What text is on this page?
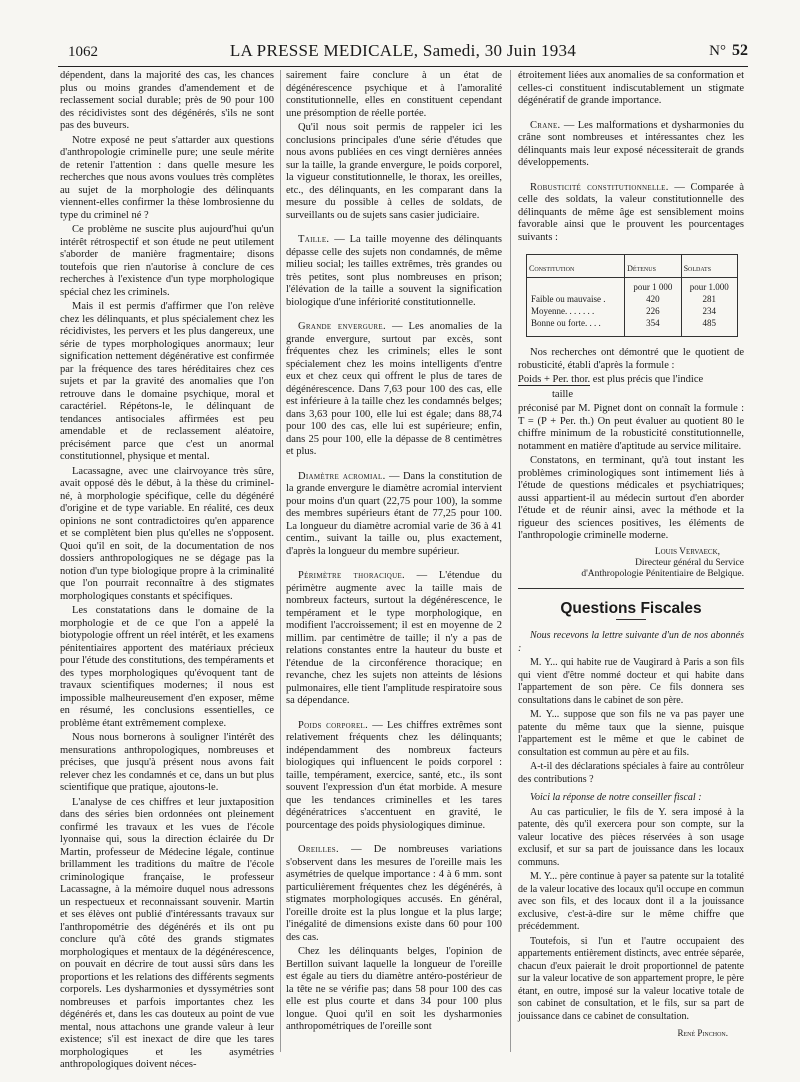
1062	LA PRESSE MEDICALE, Samedi, 30 Juin 1934	N° 52

dépendent, dans la majorité des cas, les chances plus ou moins grandes d'amendement et de reclassement social durable; près de 90 pour 100 des récidivistes sont des dégénérés, s'ils ne sont pas des buveurs.

Notre exposé ne peut s'attarder aux questions d'anthropologie criminelle pure; une seule mérite de retenir l'attention : dans quelle mesure les recherches que nous avons voulues très complètes au sujet de la morphologie des délinquants viennent-elles confirmer la thèse lombrosienne du type du criminel né ?

Ce problème ne suscite plus aujourd'hui qu'un intérêt rétrospectif et son étude ne peut utilement s'aborder de manière fragmentaire; disons toutefois que rien n'autorise à conclure de ces recherches à l'existence d'un type morphologique spécial chez les criminels.

Mais il est permis d'affirmer que l'on relève chez les délinquants, et plus spécialement chez les récidivistes, les pervers et les plus dangereux, une série de types morphologiques anormaux; leur signification nettement dégénérative est confirmée par la fréquence des tares héréditaires chez ces sujets et par la gravité des anomalies que l'on retrouve dans le domaine psychique, moral et caractériel. Répétons-le, le délinquant de tendances antisociales affirmées est peu amendable et de reclassement aléatoire, précisément parce que c'est un anormal constitutionnel, physique et mental.

Lacassagne, avec une clairvoyance très sûre, avait opposé dès le début, à la thèse du criminel-né, à morphologie spécifique, celle du dégénéré d'origine et de type variable. En réalité, ces deux opinions ne sont contradictoires qu'en apparence et se complètent bien plus qu'elles ne s'opposent. Quoi qu'il en soit, de la documentation de nos dossiers anthropologiques ne se dégage pas la notion d'un type biologique propre à la criminalité que l'on pourrait reconnaître à des stigmates morphologiques constants et spécifiques.

Les constatations dans le domaine de la morphologie et de ce que l'on a appelé la biotypologie offrent un réel intérêt, et les examens pénitentiaires apportent des matériaux précieux pour l'étude des constitutions, des tempéraments et des types morphologiques qu'évoquent tant de travaux scientifiques modernes; il nous est impossible malheureusement d'en exposer, même en résumé, les conclusions essentielles, ce problème étant extrêmement complexe.

Nous nous bornerons à souligner l'intérêt des mensurations anthropologiques, nombreuses et précises, que jusqu'à présent nous avons fait relever chez les condamnés et ce, dans un but plus scientifique que pratique, ajoutons-le.

L'analyse de ces chiffres et leur juxtaposition dans des séries bien ordonnées ont pleinement confirmé les travaux et les vues de l'école lyonnaise qui, sous la direction éclairée du Dr Martin, professeur de Médecine légale, continue brillamment les traditions du maître de l'école criminologique française, le professeur Lacassagne, à la mémoire duquel nous adressons un respectueux et reconnaissant souvenir. Martin et ses élèves ont publié d'intéressants travaux sur l'anthropométrie des dégénérés et ils ont pu conclure qu'à côté des grands stigmates morphologiques et mentaux de la dégénérescence, on pouvait en décrire de tout aussi sûrs dans les proportions et les relations des différents segments corporels. Les dysharmonies et dyssymétries sont nombreuses et parfois importantes chez les dégénérés et, dans les cas douteux au point de vue mental, nous attachons une grande valeur à leur existence; s'il est inexact de dire que les tares morphologiques et les asymétries anthropologiques doivent néces-

sairement faire conclure à un état de dégénérescence psychique et à l'amoralité constitutionnelle, elles en constituent cependant une présomption de réelle portée.

Qu'il nous soit permis de rappeler ici les conclusions principales d'une série d'études que nous avons publiées en ces vingt dernières années sur la taille, la grande envergure, le poids corporel, la vigueur constitutionnelle, le thorax, les oreilles, etc., des délinquants, en les comparant dans la mesure du possible à celles de soldats, de surveillants ou de sujets sans casier judiciaire.

Taille. — La taille moyenne des délinquants dépasse celle des sujets non condamnés, de même milieu social; les tailles extrêmes, très grandes ou très petites, sont plus nombreuses en prison; l'élévation de la taille a souvent la signification biologique d'une infériorité constitutionnelle.

Grande envergure. — Les anomalies de la grande envergure, surtout par excès, sont fréquentes chez les criminels; elles le sont spécialement chez les moins intelligents d'entre eux et chez ceux qui offrent le plus de tares de dégénérescence. Dans 7,63 pour 100 des cas, elle est inférieure à la taille chez les condamnés belges; dans 3,63 pour 100, elle lui est égale; dans 88,74 pour 100 des cas, elle lui est supérieure; enfin, dans 25 pour 100, elle la dépasse de 8 centimètres et plus.

Diamètre acromial. — Dans la constitution de la grande envergure le diamètre acromial intervient pour moins d'un quart (22,75 pour 100), la somme des membres supérieurs étant de 77,25 pour 100. La longueur du diamètre acromial varie de 36 à 41 centim., suivant la taille ou, plus exactement, d'après la longueur du membre supérieur.

Périmètre thoracique. — L'étendue du périmètre augmente avec la taille mais de nombreux facteurs, surtout la dégénérescence, le tempérament et le type morphologique, en modifient l'accroissement; il est en moyenne de 2 millim. par centimètre de taille; il n'y a pas de relations constantes entre la hauteur du buste et l'étendue de la circonférence thoracique; en revanche, chez les sujets non atteints de lésions pulmonaires, elle tient l'amplitude respiratoire sous sa dépendance.

Poids corporel. — Les chiffres extrêmes sont relativement fréquents chez les délinquants; indépendamment des nombreux facteurs biologiques qui influencent le poids corporel : taille, tempérament, exercice, santé, etc., ils sont souvent l'expression d'un état morbide. A mesure que les tendances criminelles et les tares dégénératrices s'accentuent en gravité, le pourcentage des poids physiologiques diminue.

Oreilles. — De nombreuses variations s'observent dans les mesures de l'oreille mais les asymétries de quelque importance : 4 à 6 mm. sont particulièrement fréquentes chez les dégénérés, à stigmates morphologiques accusés. En général, l'oreille droite est la plus longue et la plus large; l'inégalité de dimensions existe dans 60 pour 100 des cas.

Chez les délinquants belges, l'opinion de Bertillon suivant laquelle la longueur de l'oreille est égale au tiers du diamètre antéro-postérieur de la tête ne se vérifie pas; dans 58 pour 100 des cas elle est plus courte et dans 34 pour 100 plus longue. Quoi qu'il en soit les dysharmonies anthropométriques de l'oreille sont

étroitement liées aux anomalies de sa conformation et celles-ci constituent indiscutablement un stigmate dégénératif de grande importance.

Crane. — Les malformations et dysharmonies du crâne sont nombreuses et intéressantes chez les délinquants mais leur exposé nécessiterait de grands développements.

Robusticité constitutionnelle. — Comparée à celle des soldats, la valeur constitutionnelle des délinquants de même âge est sensiblement moins favorable ainsi que le prouvent les pourcentages suivants :

Constitution	Détenus	Soldats
	pour 1 000	pour 1.000
Faible ou mauvaise .	420	281
Moyenne. . . . . . .	226	234
Bonne ou forte. . . .	354	485

Nos recherches ont démontré que le quotient de robusticité, établi d'après la formule :

Poids + Per. thor. est plus précis que l'indice

taille

préconisé par M. Pignet dont on connaît la formule : T = (P + Per. th.) On peut évaluer au quotient 80 le chiffre minimum de la robusticité constitutionnelle, notamment en matière d'aptitude au service militaire.

Constatons, en terminant, qu'à tout instant les problèmes criminologiques sont intimement liés à l'étude de questions médicales et psychiatriques; aussi appartient-il au médecin surtout d'en aborder l'étude et de réunir ainsi, avec la méthode et la rigueur des sciences positives, les éléments de l'anthropologie criminelle moderne.

Louis Vervaeck,
Directeur général du Service
d'Anthropologie Pénitentiaire de Belgique.
Questions Fiscales

Nous recevons la lettre suivante d'un de nos abonnés :

M. Y... qui habite rue de Vaugirard à Paris a son fils qui vient d'être nommé docteur et qui habite dans l'appartement de son père. Ce fils donnera ses consultations dans le cabinet de son père.

M. Y... suppose que son fils ne va pas payer une patente du même taux que la sienne, puisque l'appartement est le même et que le cabinet de consultation est commun au père et au fils.

A-t-il des déclarations spéciales à faire au contrôleur des contributions ?

Voici la réponse de notre conseiller fiscal :

Au cas particulier, le fils de Y. sera imposé à la patente, dès qu'il exercera pour son compte, sur la valeur locative des pièces réservées à son usage exclusif, et sur sa part de jouissance dans les locaux communs.

M. Y... père continue à payer sa patente sur la totalité de la valeur locative des locaux qu'il occupe en commun avec son fils, et des locaux dont il a la jouissance exclusive, c'est-à-dire sur le même chiffre que précédemment.

Toutefois, si l'un et l'autre occupaient des appartements entièrement distincts, avec entrée séparée, chacun d'eux paierait le droit proportionnel de patente sur la valeur locative de son appartement propre, le père étant, en outre, imposé sur la valeur locative totale de son cabinet de consultation, et le fils, sur sa part de jouissance dans ce cabinet de consultation.

René Pinchon.
